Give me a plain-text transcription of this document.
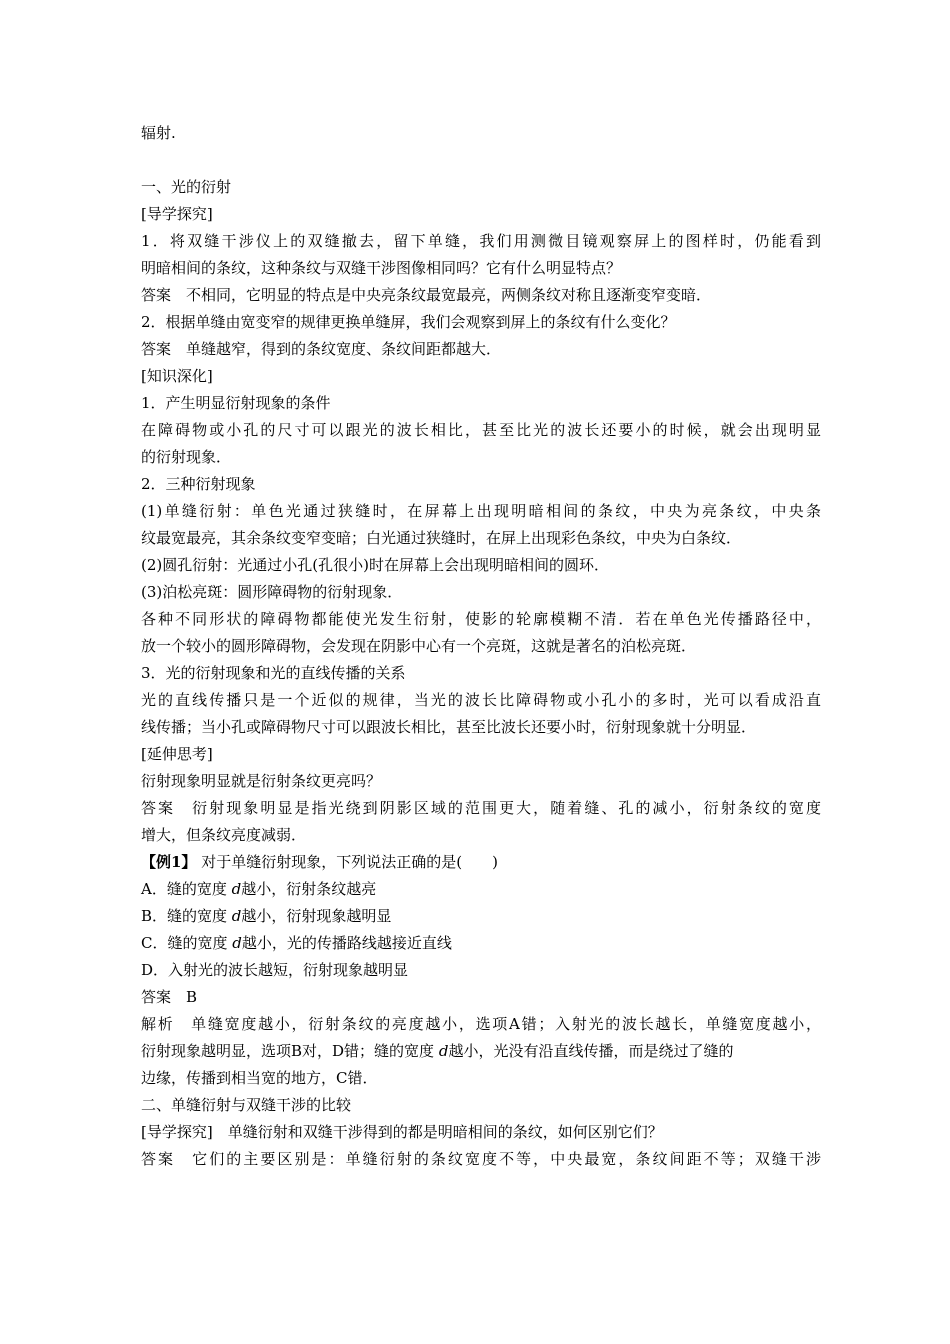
辐射.
一、光的衍射
[导学探究]
1．将双缝干涉仪上的双缝撤去，留下单缝，我们用测微目镜观察屏上的图样时，仍能看到
明暗相间的条纹，这种条纹与双缝干涉图像相同吗？它有什么明显特点？
答案　不相同，它明显的特点是中央亮条纹最宽最亮，两侧条纹对称且逐渐变窄变暗．
2．根据单缝由宽变窄的规律更换单缝屏，我们会观察到屏上的条纹有什么变化？
答案　单缝越窄，得到的条纹宽度、条纹间距都越大．
[知识深化]
1．产生明显衍射现象的条件
在障碍物或小孔的尺寸可以跟光的波长相比，甚至比光的波长还要小的时候，就会出现明显
的衍射现象．
2．三种衍射现象
(1)单缝衍射：单色光通过狭缝时，在屏幕上出现明暗相间的条纹，中央为亮条纹，中央条
纹最宽最亮，其余条纹变窄变暗；白光通过狭缝时，在屏上出现彩色条纹，中央为白条纹．
(2)圆孔衍射：光通过小孔(孔很小)时在屏幕上会出现明暗相间的圆环．
(3)泊松亮斑：圆形障碍物的衍射现象．
各种不同形状的障碍物都能使光发生衍射，使影的轮廓模糊不清．若在单色光传播路径中，
放一个较小的圆形障碍物，会发现在阴影中心有一个亮斑，这就是著名的泊松亮斑．
3．光的衍射现象和光的直线传播的关系
光的直线传播只是一个近似的规律，当光的波长比障碍物或小孔小的多时，光可以看成沿直
线传播；当小孔或障碍物尺寸可以跟波长相比，甚至比波长还要小时，衍射现象就十分明显．
[延伸思考]
衍射现象明显就是衍射条纹更亮吗？
答案　衍射现象明显是指光绕到阴影区域的范围更大，随着缝、孔的减小，衍射条纹的宽度
增大，但条纹亮度减弱．
【例1】 对于单缝衍射现象，下列说法正确的是(　　)
A．缝的宽度 d越小，衍射条纹越亮
B．缝的宽度 d越小，衍射现象越明显
C．缝的宽度 d越小，光的传播路线越接近直线
D．入射光的波长越短，衍射现象越明显
答案　B
解析　单缝宽度越小，衍射条纹的亮度越小，选项A错；入射光的波长越长，单缝宽度越小，
衍射现象越明显，选项B对，D错；缝的宽度 d越小，光没有沿直线传播，而是绕过了缝的
边缘，传播到相当宽的地方，C错．
二、单缝衍射与双缝干涉的比较
[导学探究]　单缝衍射和双缝干涉得到的都是明暗相间的条纹，如何区别它们？
答案　它们的主要区别是：单缝衍射的条纹宽度不等，中央最宽，条纹间距不等；双缝干涉
